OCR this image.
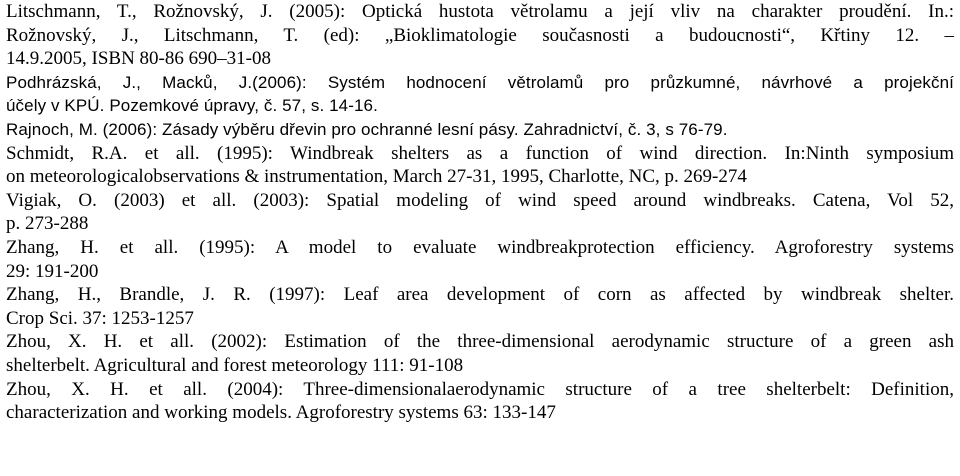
Litschmann, T., Rožnovský, J. (2005): Optická hustota větrolamu a její vliv na charakter proudění. In.:
Rožnovský, J., Litschmann, T. (ed): „Bioklimatologie současnosti a budoucnosti“, Křtiny 12. –
14.9.2005, ISBN 80-86 690–31-08
Podhrázská, J., Macků, J.(2006): Systém hodnocení větrolamů pro průzkumné, návrhové a projekční
účely v KPÚ. Pozemkové úpravy, č. 57, s. 14-16.
Rajnoch, M. (2006): Zásady výběru dřevin pro ochranné lesní pásy. Zahradnictví, č. 3, s 76-79.
Schmidt, R.A. et all. (1995): Windbreak shelters as a function of wind direction. In:Ninth symposium
on meteorologicalobservations & instrumentation, March 27-31, 1995, Charlotte, NC, p. 269-274
Vigiak, O. (2003) et all. (2003): Spatial modeling of wind speed around windbreaks. Catena, Vol 52,
p. 273-288
Zhang, H. et all. (1995): A model to evaluate windbreakprotection efficiency. Agroforestry systems
29: 191-200
Zhang, H., Brandle, J. R. (1997): Leaf area development of corn as affected by windbreak shelter.
Crop Sci. 37: 1253-1257
Zhou, X. H. et all. (2002): Estimation of the three-dimensional aerodynamic structure of a green ash
shelterbelt. Agricultural and forest meteorology 111: 91-108
Zhou, X. H. et all. (2004): Three-dimensionalaerodynamic structure of a tree shelterbelt: Definition,
characterization and working models. Agroforestry systems 63: 133-147
